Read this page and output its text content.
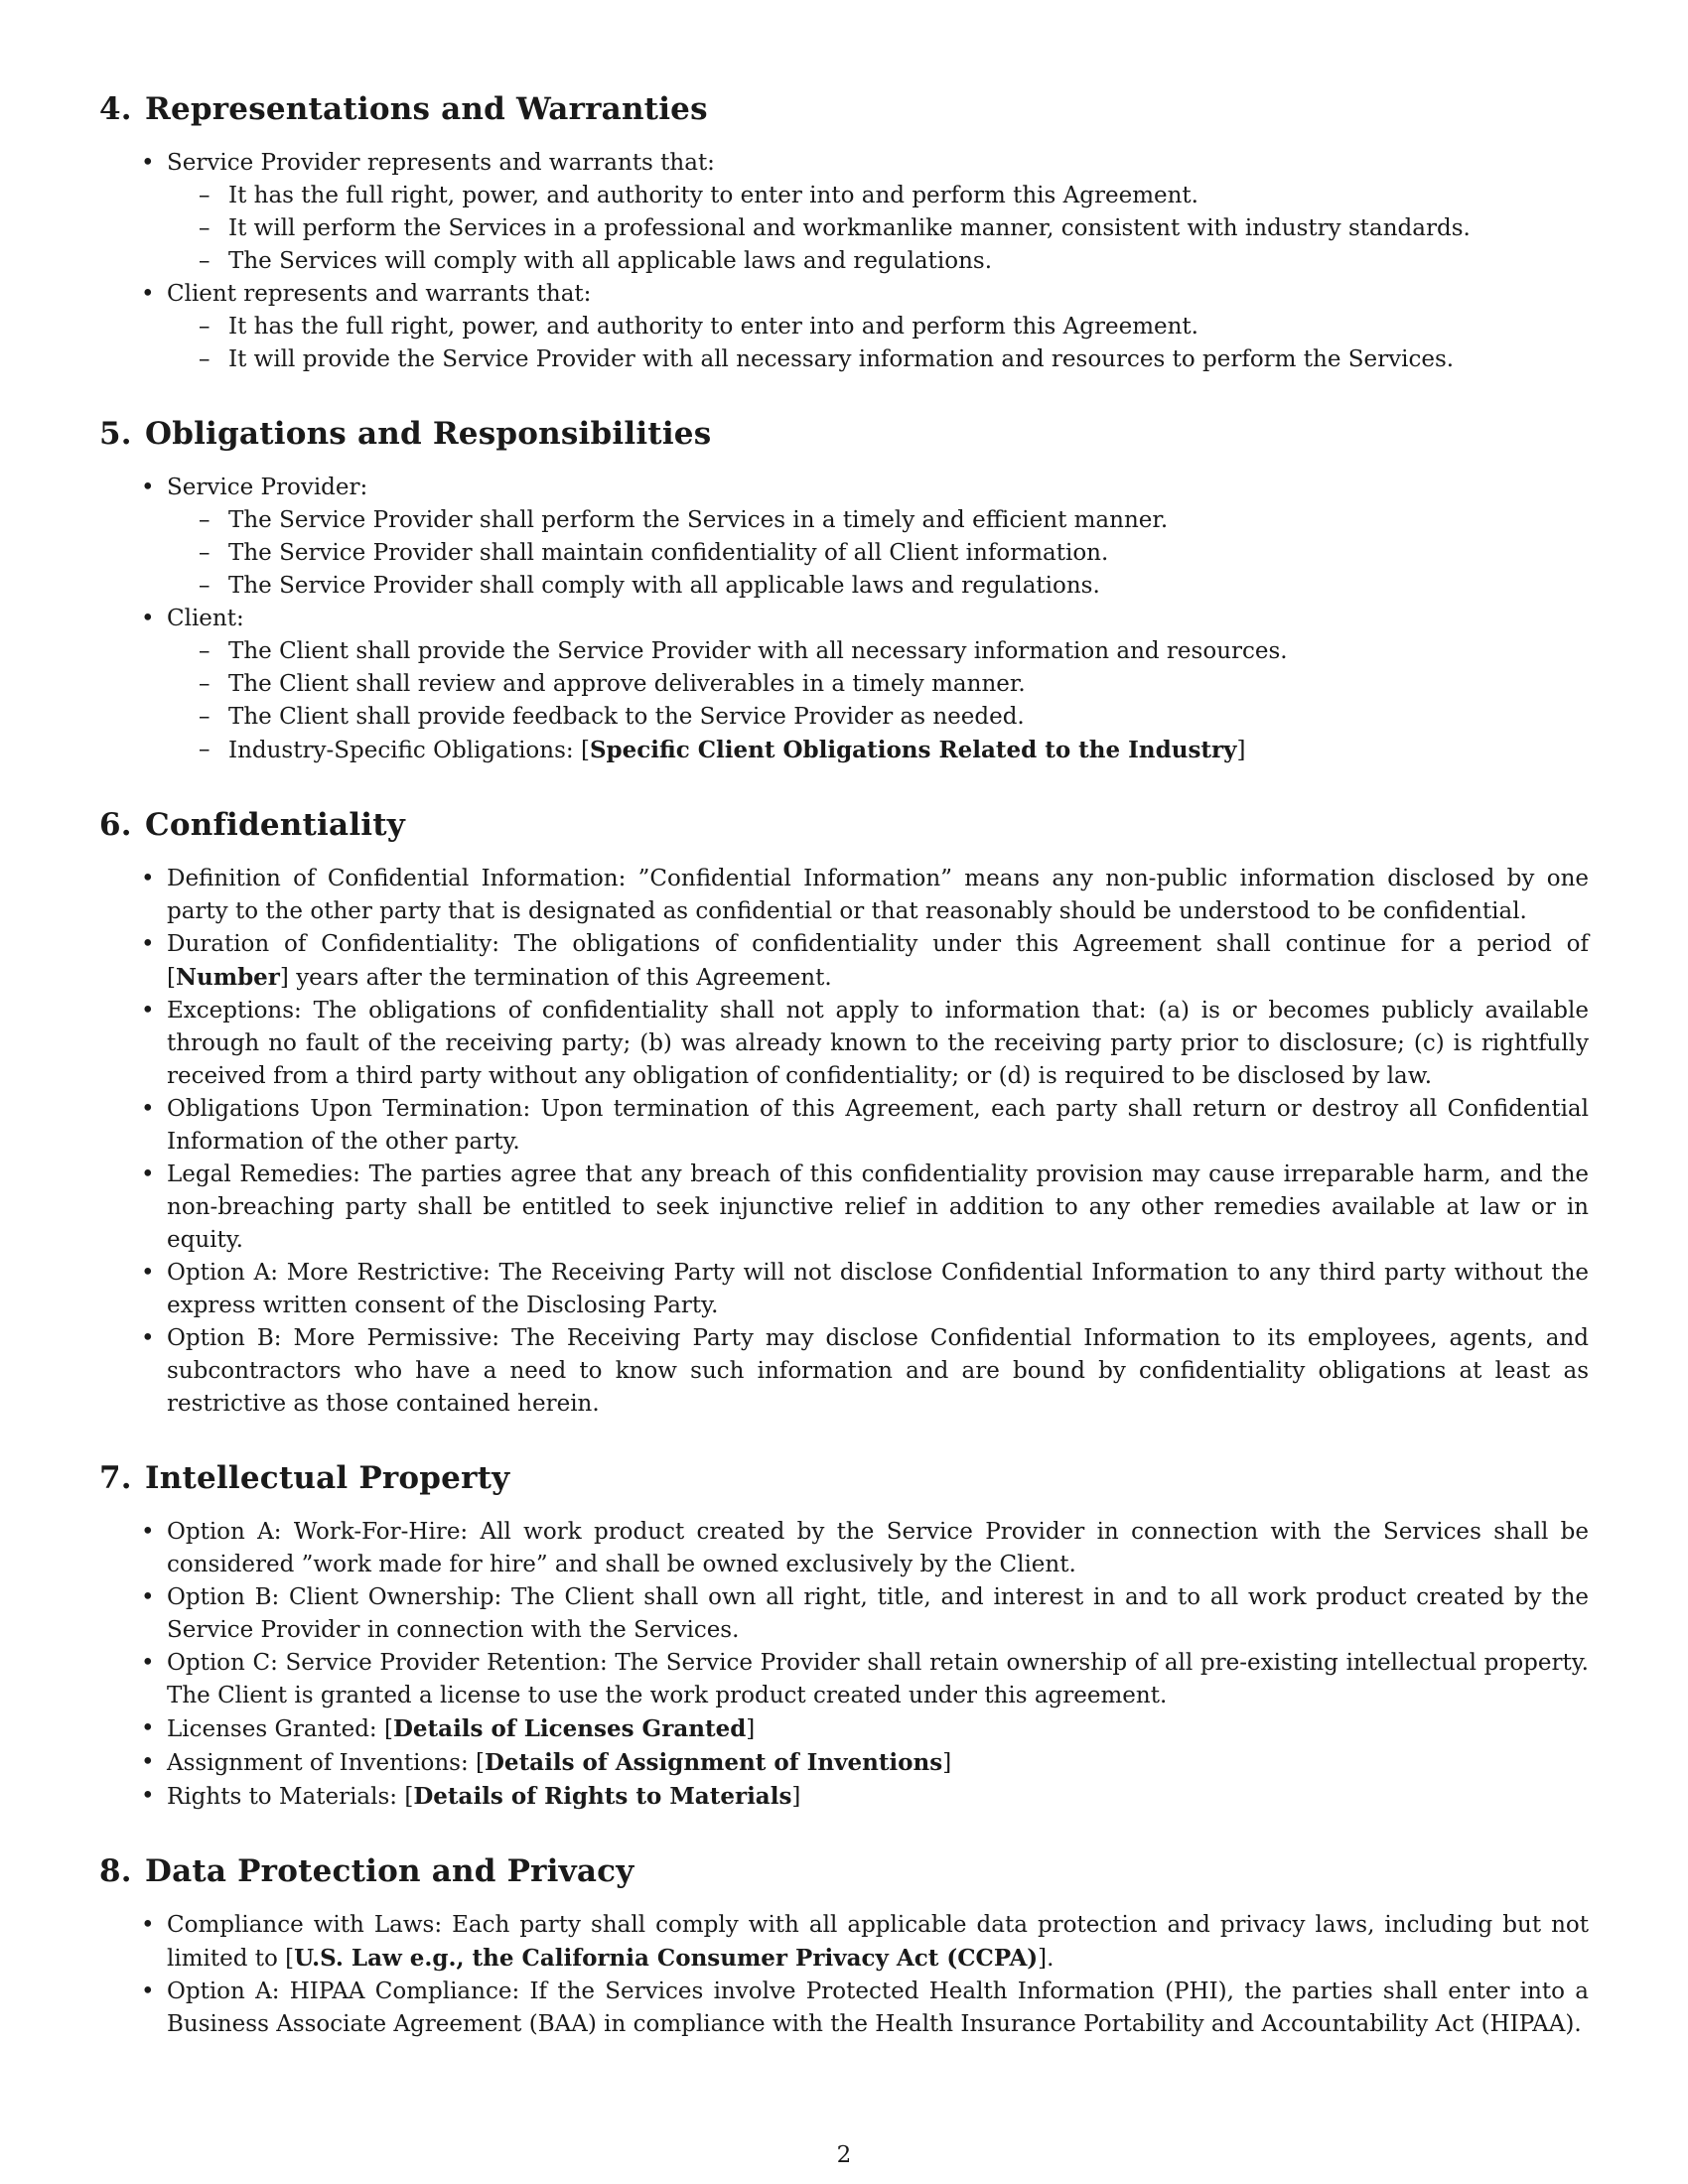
4. Representations and Warranties
• Service Provider represents and warrants that:
– It has the full right, power, and authority to enter into and perform this Agreement.
– It will perform the Services in a professional and workmanlike manner, consistent with industry standards.
– The Services will comply with all applicable laws and regulations.
• Client represents and warrants that:
– It has the full right, power, and authority to enter into and perform this Agreement.
– It will provide the Service Provider with all necessary information and resources to perform the Services.
5. Obligations and Responsibilities
• Service Provider:
– The Service Provider shall perform the Services in a timely and efficient manner.
– The Service Provider shall maintain confidentiality of all Client information.
– The Service Provider shall comply with all applicable laws and regulations.
• Client:
– The Client shall provide the Service Provider with all necessary information and resources.
– The Client shall review and approve deliverables in a timely manner.
– The Client shall provide feedback to the Service Provider as needed.
– Industry-Specific Obligations: [Specific Client Obligations Related to the Industry]
6. Confidentiality
• Definition of Confidential Information: ”Confidential Information” means any non-public information disclosed by one party to the other party that is designated as confidential or that reasonably should be understood to be confidential.
• Duration of Confidentiality: The obligations of confidentiality under this Agreement shall continue for a period of [Number] years after the termination of this Agreement.
• Exceptions: The obligations of confidentiality shall not apply to information that: (a) is or becomes publicly available through no fault of the receiving party; (b) was already known to the receiving party prior to disclosure; (c) is rightfully received from a third party without any obligation of confidentiality; or (d) is required to be disclosed by law.
• Obligations Upon Termination: Upon termination of this Agreement, each party shall return or destroy all Confidential Information of the other party.
• Legal Remedies: The parties agree that any breach of this confidentiality provision may cause irreparable harm, and the non-breaching party shall be entitled to seek injunctive relief in addition to any other remedies available at law or in equity.
• Option A: More Restrictive: The Receiving Party will not disclose Confidential Information to any third party without the express written consent of the Disclosing Party.
• Option B: More Permissive: The Receiving Party may disclose Confidential Information to its employees, agents, and subcontractors who have a need to know such information and are bound by confidentiality obligations at least as restrictive as those contained herein.
7. Intellectual Property
• Option A: Work-For-Hire: All work product created by the Service Provider in connection with the Services shall be considered ”work made for hire” and shall be owned exclusively by the Client.
• Option B: Client Ownership: The Client shall own all right, title, and interest in and to all work product created by the Service Provider in connection with the Services.
• Option C: Service Provider Retention: The Service Provider shall retain ownership of all pre-existing intellectual property. The Client is granted a license to use the work product created under this agreement.
• Licenses Granted: [Details of Licenses Granted]
• Assignment of Inventions: [Details of Assignment of Inventions]
• Rights to Materials: [Details of Rights to Materials]
8. Data Protection and Privacy
• Compliance with Laws: Each party shall comply with all applicable data protection and privacy laws, including but not limited to [U.S. Law e.g., the California Consumer Privacy Act (CCPA)].
• Option A: HIPAA Compliance: If the Services involve Protected Health Information (PHI), the parties shall enter into a Business Associate Agreement (BAA) in compliance with the Health Insurance Portability and Accountability Act (HIPAA).
2
